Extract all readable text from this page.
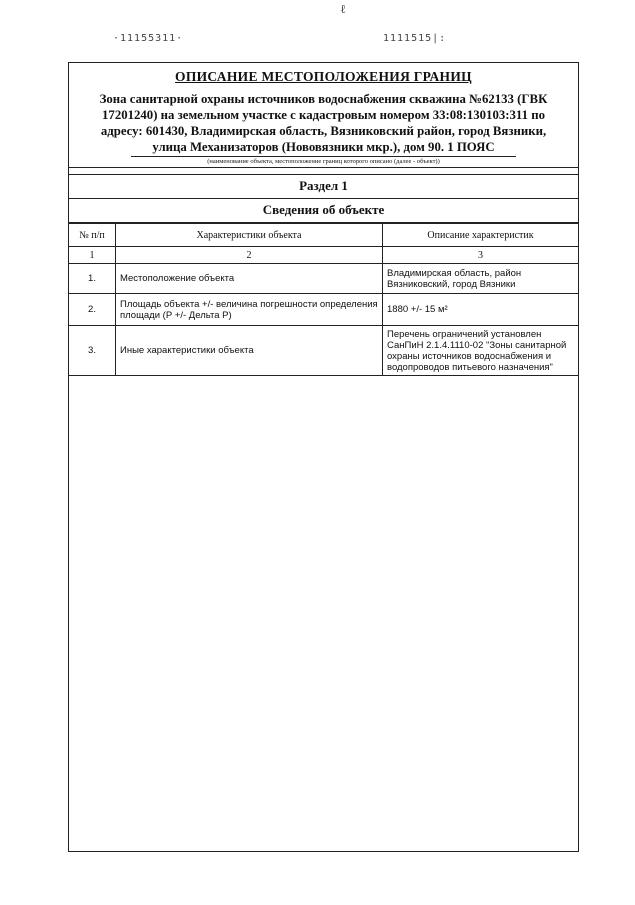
ℓ
·11155311·	1111515|:
ОПИСАНИЕ МЕСТОПОЛОЖЕНИЯ ГРАНИЦ
Зона санитарной охраны источников водоснабжения скважина №62133 (ГВК
17201240) на земельном участке с кадастровым номером 33:08:130103:311 по
адресу: 601430, Владимирская область, Вязниковский район, город Вязники,
улица Механизаторов (Нововязники мкр.), дом 90. 1 ПОЯС
(наименование объекта, местоположение границ которого описано (далее - объект))
Раздел 1
Сведения об объекте
№ п/п	Характеристики объекта	Описание характеристик
1	2	3
1.	Местоположение объекта	Владимирская область, район Вязниковский, город Вязники
2.	Площадь объекта +/- величина погрешности определения площади (Р +/- Дельта Р)	1880 +/- 15 м²
3.	Иные характеристики объекта	Перечень ограничений установлен СанПиН 2.1.4.1110-02 "Зоны санитарной охраны источников водоснабжения и водопроводов питьевого назначения"
